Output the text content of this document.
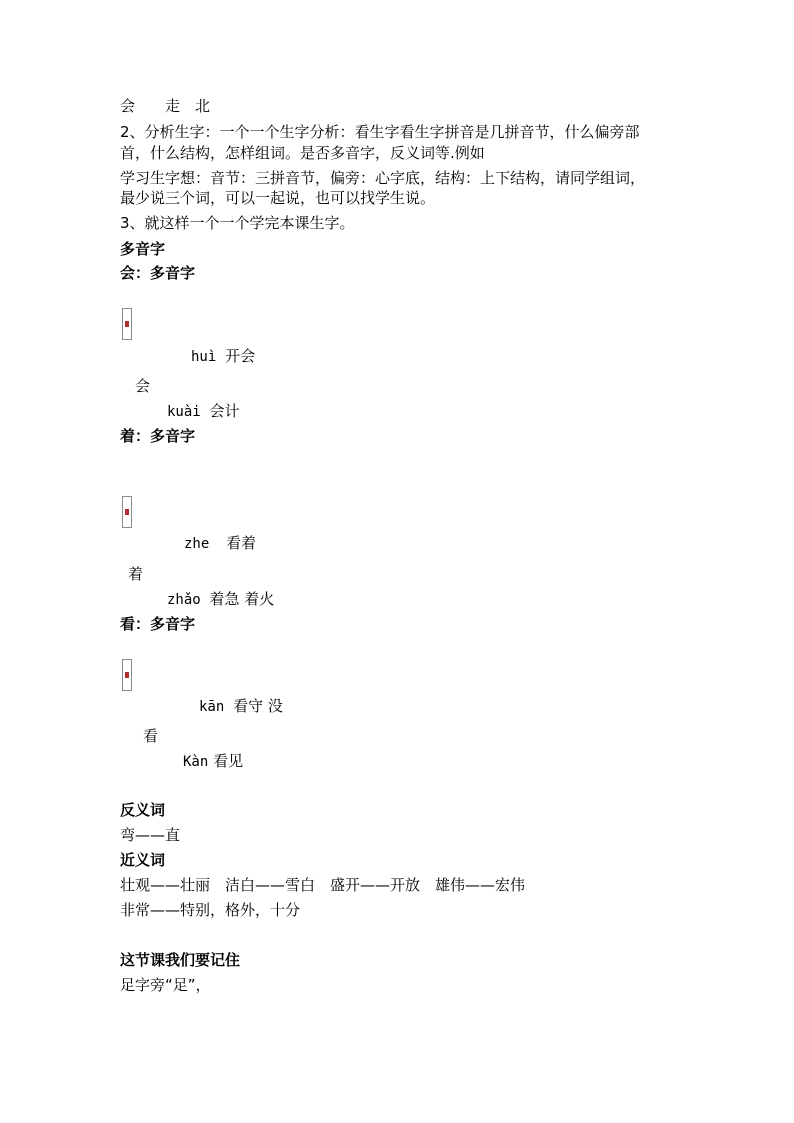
会　　走　北
2、分析生字：一个一个生字分析：看生字看生字拼音是几拼音节，什么偏旁部
首，什么结构，怎样组词。是否多音字，反义词等.例如
学习生字想：音节：三拼音节，偏旁：心字底，结构：上下结构，请同学组词，
最少说三个词，可以一起说，也可以找学生说。
3、就这样一个一个学完本课生字。
多音字
会：多音字
huì 开会
会
kuài 会计
着：多音字
zhe 看着
着
zhǎo 着急 着火
看：多音字
kān 看守 没
看
Kàn 看见
反义词
弯——直
近义词
壮观——壮丽　洁白——雪白　盛开——开放　雄伟——宏伟
非常——特别，格外，十分
这节课我们要记住
足字旁“足”，
